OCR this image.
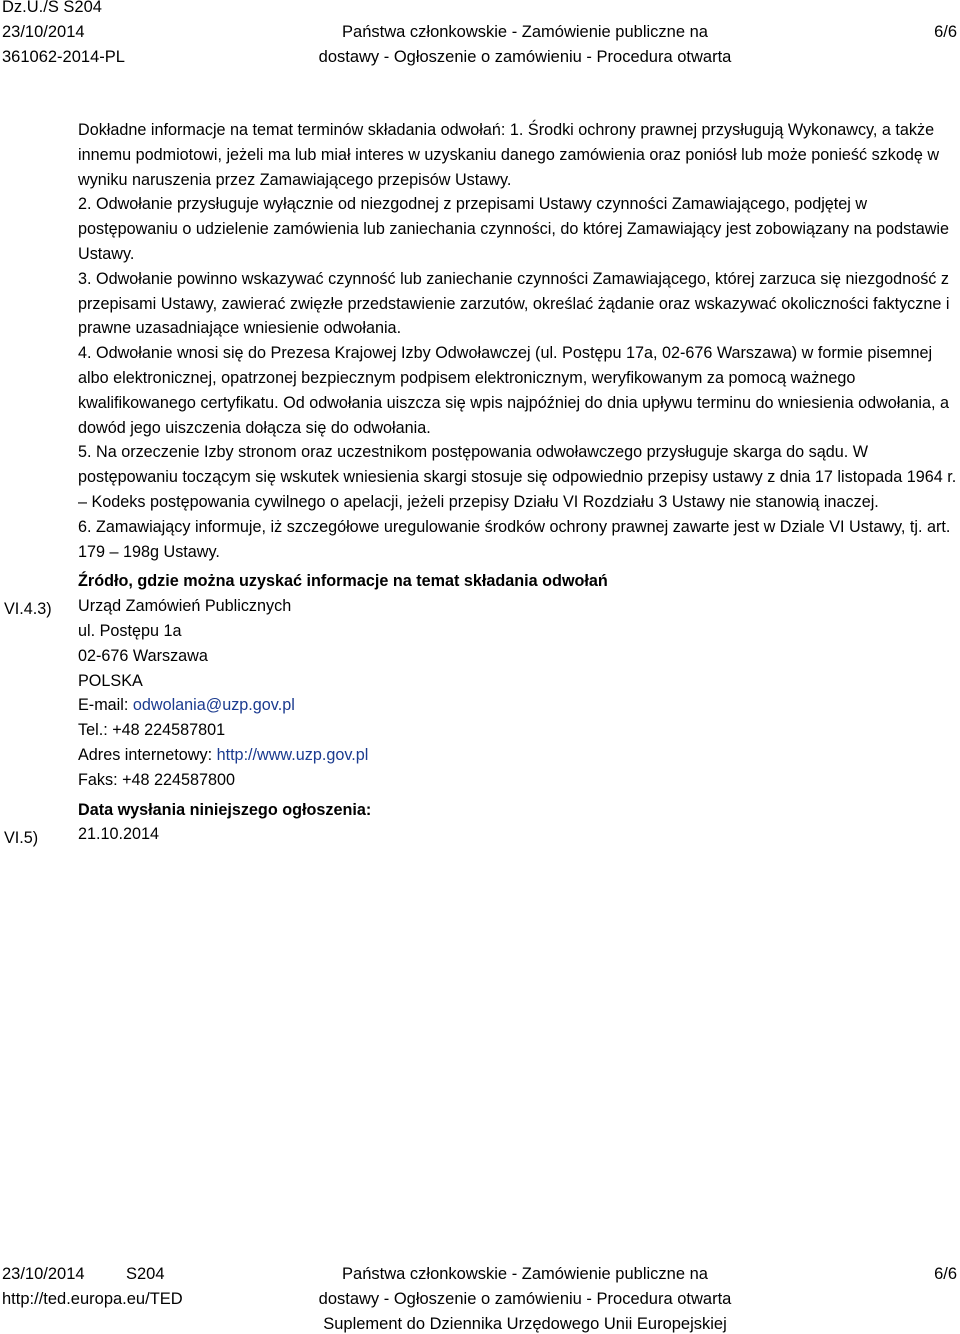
Dz.U./S S204
23/10/2014
361062-2014-PL
Państwa członkowskie - Zamówienie publiczne na
dostawy - Ogłoszenie o zamówieniu - Procedura otwarta
6/6
VI.4.3)
VI.5)

Dokładne informacje na temat terminów składania odwołań: 1. Środki ochrony prawnej przysługują Wykonawcy, a także innemu podmiotowi, jeżeli ma lub miał interes w uzyskaniu danego zamówienia oraz poniósł lub może ponieść szkodę w wyniku naruszenia przez Zamawiającego przepisów Ustawy.

2. Odwołanie przysługuje wyłącznie od niezgodnej z przepisami Ustawy czynności Zamawiającego, podjętej w postępowaniu o udzielenie zamówienia lub zaniechania czynności, do której Zamawiający jest zobowiązany na podstawie Ustawy.

3. Odwołanie powinno wskazywać czynność lub zaniechanie czynności Zamawiającego, której zarzuca się niezgodność z przepisami Ustawy, zawierać zwięzłe przedstawienie zarzutów, określać żądanie oraz wskazywać okoliczności faktyczne i prawne uzasadniające wniesienie odwołania.

4. Odwołanie wnosi się do Prezesa Krajowej Izby Odwoławczej (ul. Postępu 17a, 02-676 Warszawa) w formie pisemnej albo elektronicznej, opatrzonej bezpiecznym podpisem elektronicznym, weryfikowanym za pomocą ważnego kwalifikowanego certyfikatu. Od odwołania uiszcza się wpis najpóźniej do dnia upływu terminu do wniesienia odwołania, a dowód jego uiszczenia dołącza się do odwołania.

5. Na orzeczenie Izby stronom oraz uczestnikom postępowania odwoławczego przysługuje skarga do sądu. W postępowaniu toczącym się wskutek wniesienia skargi stosuje się odpowiednio przepisy ustawy z dnia 17 listopada 1964 r. – Kodeks postępowania cywilnego o apelacji, jeżeli przepisy Działu VI Rozdziału 3 Ustawy nie stanowią inaczej.

6. Zamawiający informuje, iż szczegółowe uregulowanie środków ochrony prawnej zawarte jest w Dziale VI Ustawy, tj. art. 179 – 198g Ustawy.

Źródło, gdzie można uzyskać informacje na temat składania odwołań

Urząd Zamówień Publicznych

ul. Postępu 1a

02-676 Warszawa

POLSKA

E-mail: odwolania@uzp.gov.pl

Tel.: +48 224587801

Adres internetowy: http://www.uzp.gov.pl

Faks: +48 224587800

Data wysłania niniejszego ogłoszenia:

21.10.2014

23/10/2014	S204
http://ted.europa.eu/TED
Państwa członkowskie - Zamówienie publiczne na
dostawy - Ogłoszenie o zamówieniu - Procedura otwarta
Suplement do Dziennika Urzędowego Unii Europejskiej
6/6
